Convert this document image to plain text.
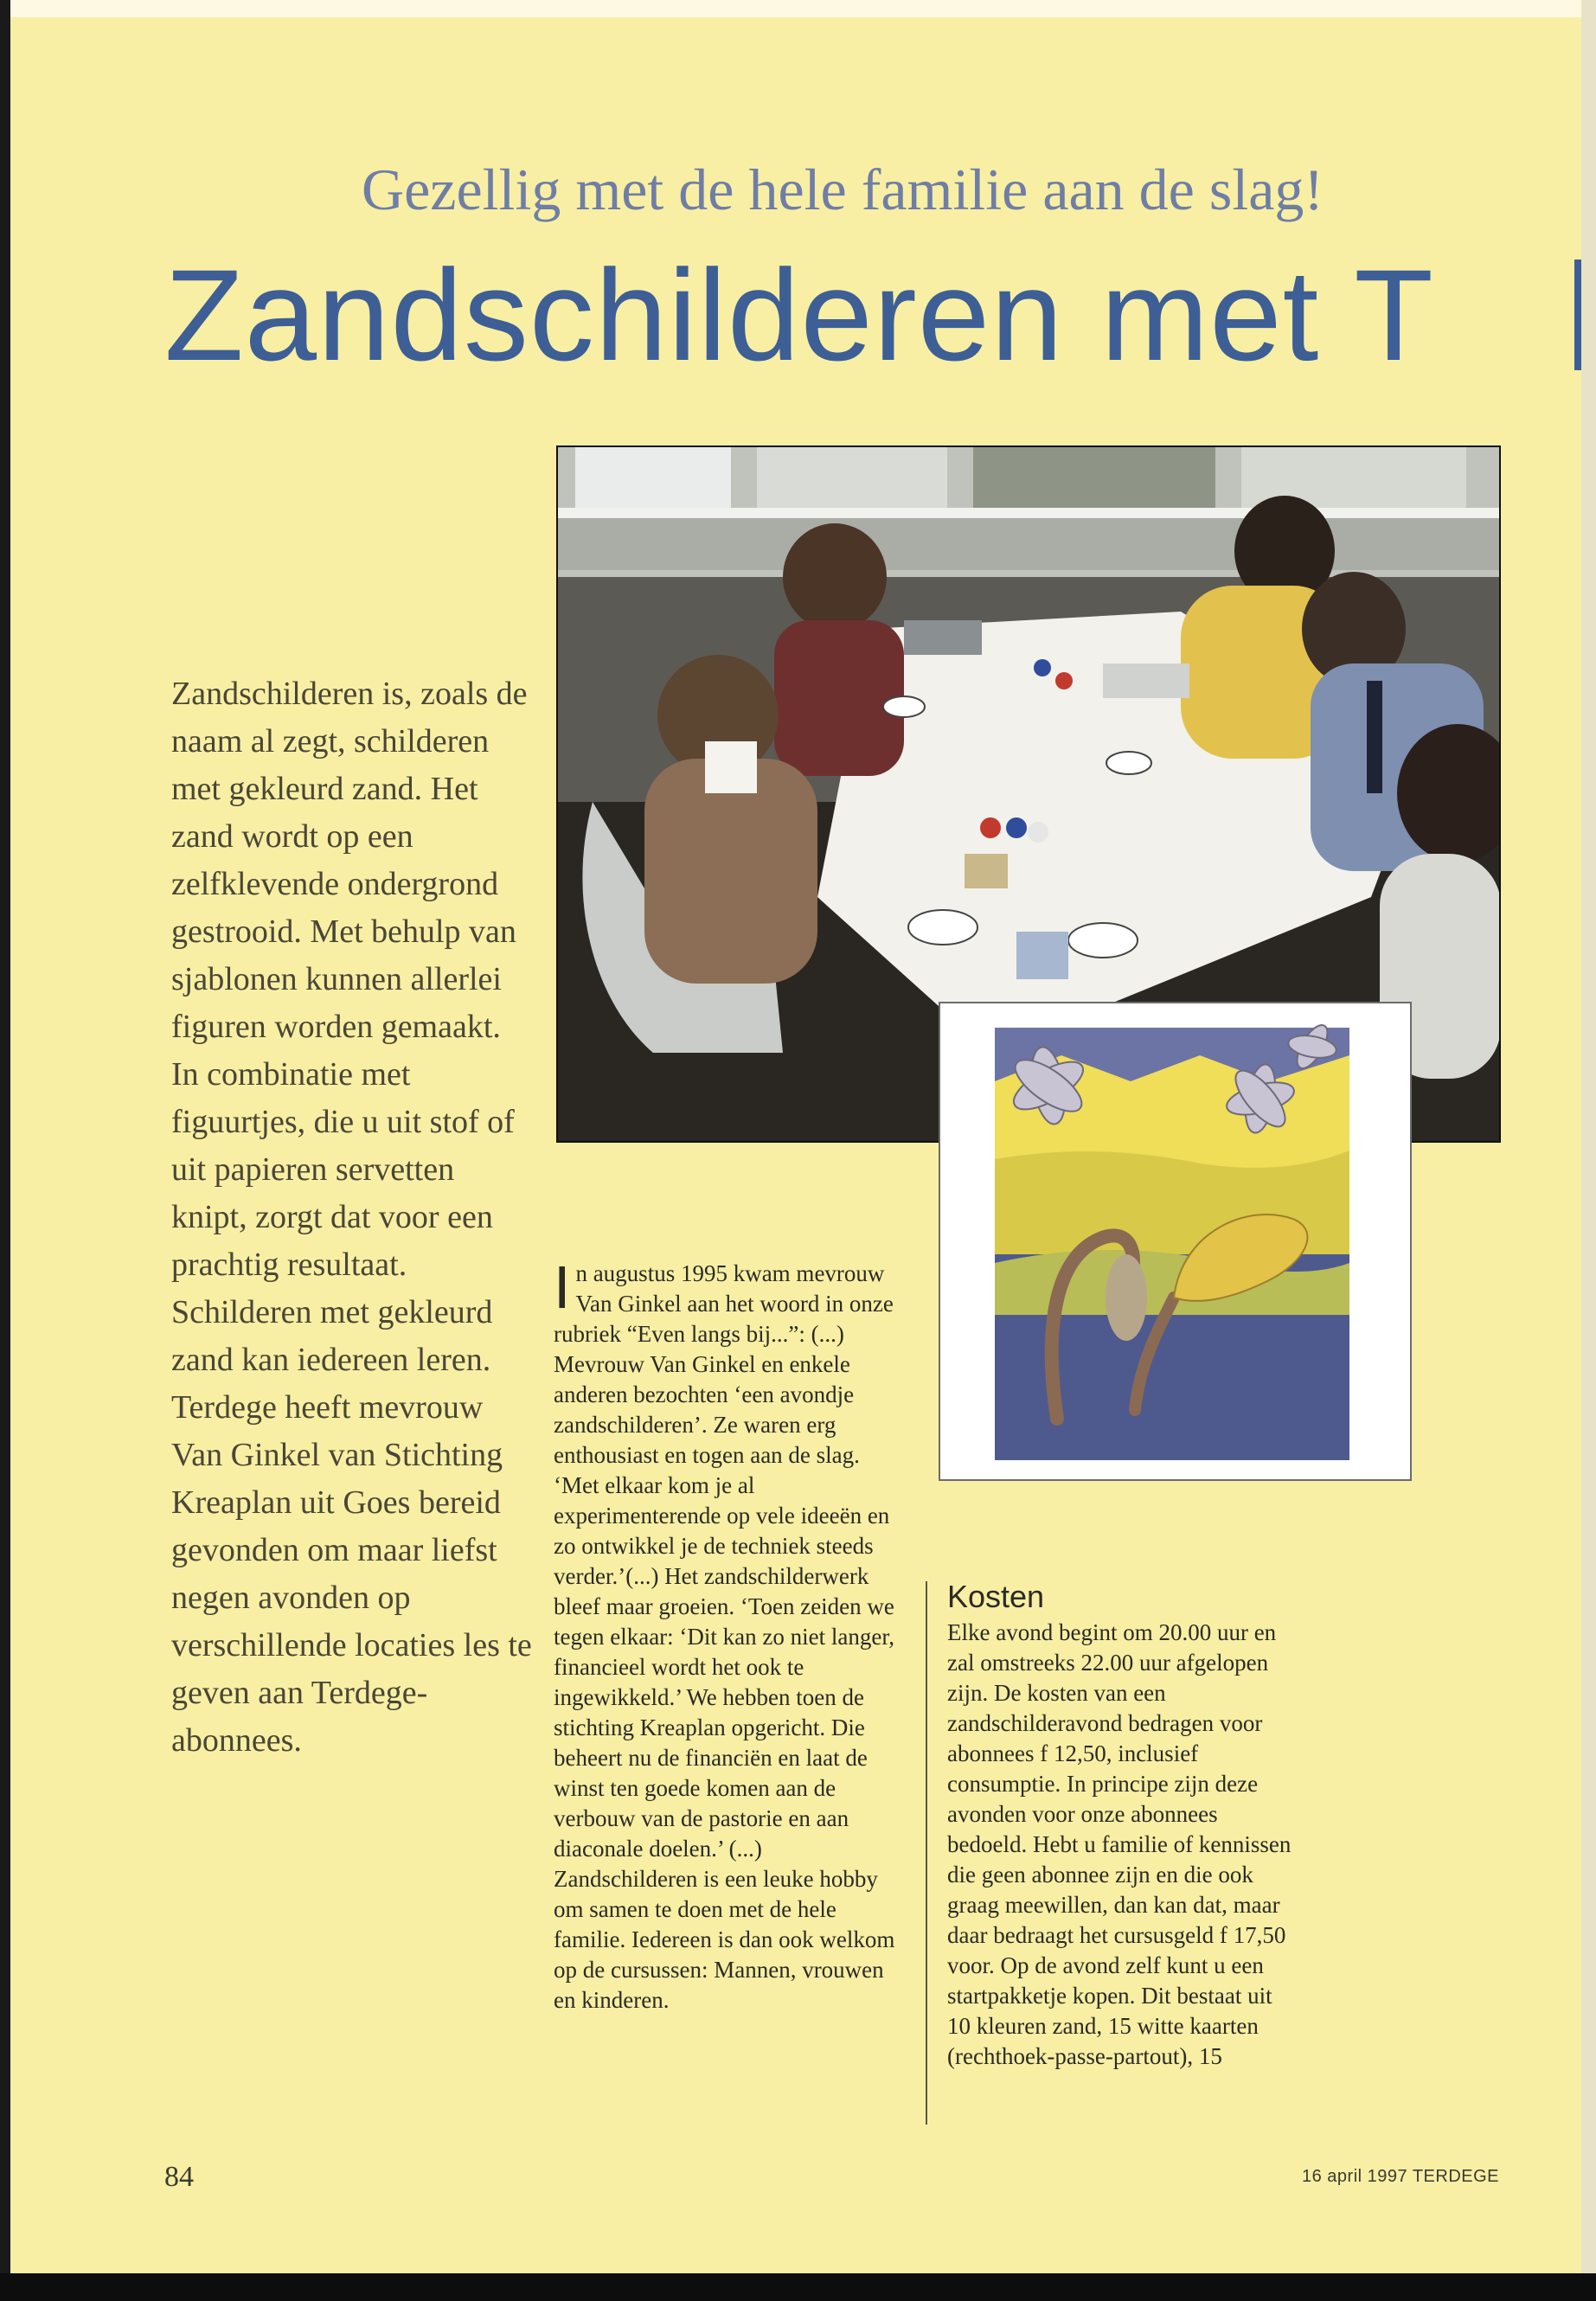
Gezellig met de hele familie aan de slag!
Zandschilderen met T
Zandschilderen is, zoals de naam al zegt, schilderen met gekleurd zand. Het zand wordt op een zelfklevende ondergrond gestrooid. Met behulp van sjablonen kunnen allerlei figuren worden gemaakt. In combinatie met figuurtjes, die u uit stof of uit papieren servetten knipt, zorgt dat voor een prachtig resultaat. Schilderen met gekleurd zand kan iedereen leren. Terdege heeft mevrouw Van Ginkel van Stichting Kreaplan uit Goes bereid gevonden om maar liefst negen avonden op verschillende locaties les te geven aan Terdege-abonnees.
In augustus 1995 kwam mevrouw Van Ginkel aan het woord in onze rubriek “Even langs bij...”: (...) Mevrouw Van Ginkel en enkele anderen bezochten ‘een avondje zandschilderen’. Ze waren erg enthousiast en togen aan de slag. ‘Met elkaar kom je al experimenterende op vele ideeën en zo ontwikkel je de techniek steeds verder.’(...) Het zandschilderwerk bleef maar groeien. ‘Toen zeiden we tegen elkaar: ‘Dit kan zo niet langer, financieel wordt het ook te ingewikkeld.’ We hebben toen de stichting Kreaplan opgericht. Die beheert nu de financiën en laat de winst ten goede komen aan de verbouw van de pastorie en aan diaconale doelen.’ (...) Zandschilderen is een leuke hobby om samen te doen met de hele familie. Iedereen is dan ook welkom op de cursussen: Mannen, vrouwen en kinderen.
Kosten
Elke avond begint om 20.00 uur en zal omstreeks 22.00 uur afgelopen zijn. De kosten van een zandschilderavond bedragen voor abonnees f 12,50, inclusief consumptie. In principe zijn deze avonden voor onze abonnees bedoeld. Hebt u familie of kennissen die geen abonnee zijn en die ook graag meewillen, dan kan dat, maar daar bedraagt het cursusgeld f 17,50 voor. Op de avond zelf kunt u een startpakketje kopen. Dit bestaat uit 10 kleuren zand, 15 witte kaarten (rechthoek-passe-partout), 15
84	16 april 1997 TERDEGE
